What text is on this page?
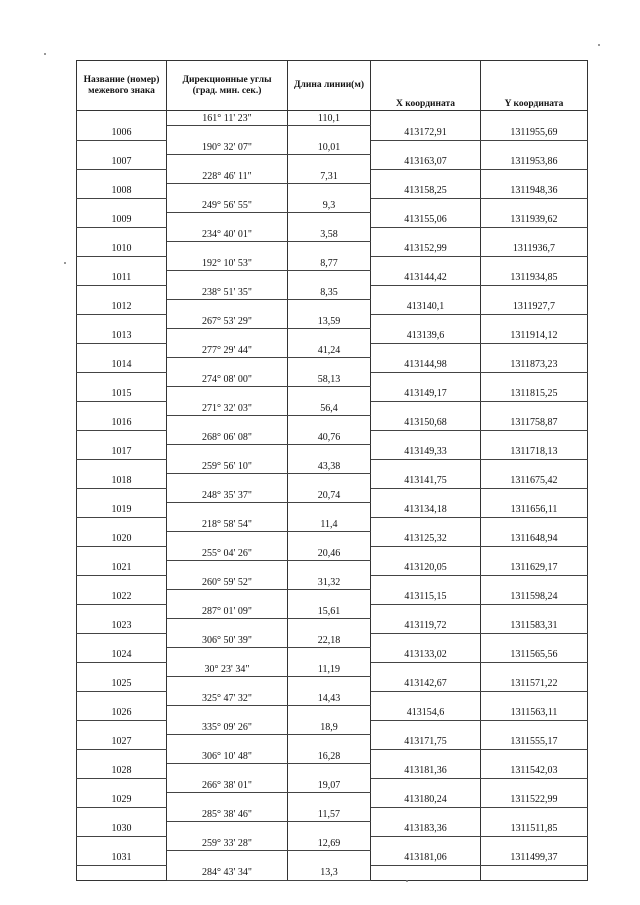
Название (номер) межевого знака	Дирекционные углы (град. мин. сек.)	Длина линии(м)	X координата	Y координата
	161° 11' 23"	110,1		
1006			413172,91	1311955,69
	190° 32' 07"	10,01		
1007			413163,07	1311953,86
	228° 46' 11"	7,31		
1008			413158,25	1311948,36
	249° 56' 55"	9,3		
1009			413155,06	1311939,62
	234° 40' 01"	3,58		
1010			413152,99	1311936,7
	192° 10' 53"	8,77		
1011			413144,42	1311934,85
	238° 51' 35"	8,35		
1012			413140,1	1311927,7
	267° 53' 29"	13,59		
1013			413139,6	1311914,12
	277° 29' 44"	41,24		
1014			413144,98	1311873,23
	274° 08' 00"	58,13		
1015			413149,17	1311815,25
	271° 32' 03"	56,4		
1016			413150,68	1311758,87
	268° 06' 08"	40,76		
1017			413149,33	1311718,13
	259° 56' 10"	43,38		
1018			413141,75	1311675,42
	248° 35' 37"	20,74		
1019			413134,18	1311656,11
	218° 58' 54"	11,4		
1020			413125,32	1311648,94
	255° 04' 26"	20,46		
1021			413120,05	1311629,17
	260° 59' 52"	31,32		
1022			413115,15	1311598,24
	287° 01' 09"	15,61		
1023			413119,72	1311583,31
	306° 50' 39"	22,18		
1024			413133,02	1311565,56
	30° 23' 34"	11,19		
1025			413142,67	1311571,22
	325° 47' 32"	14,43		
1026			413154,6	1311563,11
	335° 09' 26"	18,9		
1027			413171,75	1311555,17
	306° 10' 48"	16,28		
1028			413181,36	1311542,03
	266° 38' 01"	19,07		
1029			413180,24	1311522,99
	285° 38' 46"	11,57		
1030			413183,36	1311511,85
	259° 33' 28"	12,69		
1031			413181,06	1311499,37
	284° 43' 34"	13,3		
